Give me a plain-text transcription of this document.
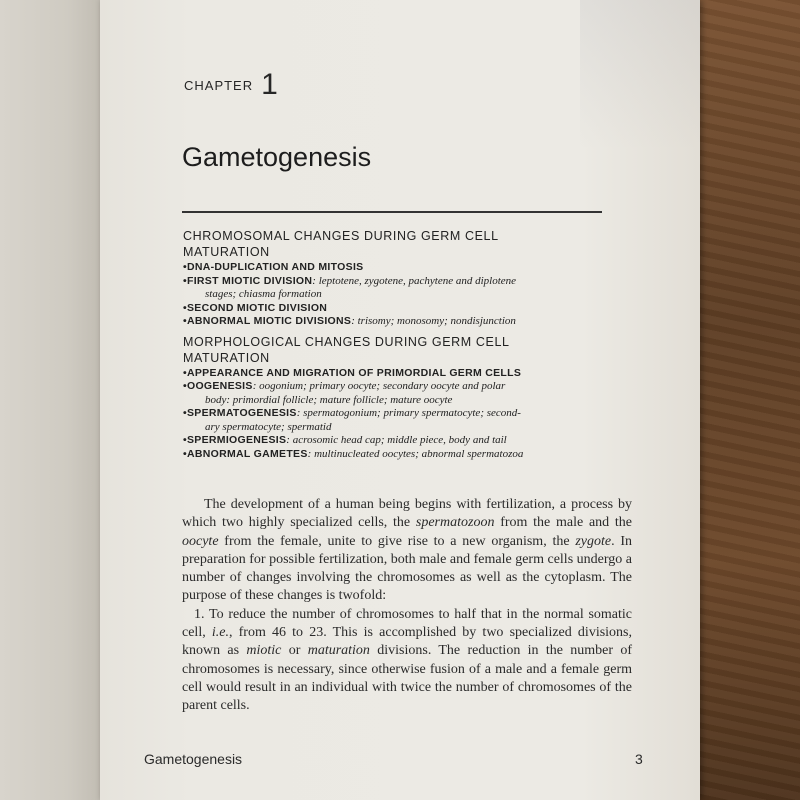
CHAPTER 1
Gametogenesis
CHROMOSOMAL CHANGES DURING GERM CELL
MATURATION
•DNA-DUPLICATION AND MITOSIS
•FIRST MIOTIC DIVISION: leptotene, zygotene, pachytene and diplotene
stages; chiasma formation
•SECOND MIOTIC DIVISION
•ABNORMAL MIOTIC DIVISIONS: trisomy; monosomy; nondisjunction
MORPHOLOGICAL CHANGES DURING GERM CELL
MATURATION
•APPEARANCE AND MIGRATION OF PRIMORDIAL GERM CELLS
•OOGENESIS: oogonium; primary oocyte; secondary oocyte and polar
body: primordial follicle; mature follicle; mature oocyte
•SPERMATOGENESIS: spermatogonium; primary spermatocyte; second-
ary spermatocyte; spermatid
•SPERMIOGENESIS: acrosomic head cap; middle piece, body and tail
•ABNORMAL GAMETES: multinucleated oocytes; abnormal spermatozoa

The development of a human being begins with fertilization, a process by which two highly specialized cells, the spermatozoon from the male and the oocyte from the female, unite to give rise to a new organism, the zygote. In preparation for possible fertilization, both male and female germ cells undergo a number of changes involving the chromosomes as well as the cytoplasm. The purpose of these changes is twofold:

1. To reduce the number of chromosomes to half that in the normal somatic cell, i.e., from 46 to 23. This is accomplished by two specialized divisions, known as miotic or maturation divisions. The reduction in the number of chromosomes is necessary, since otherwise fusion of a male and a female germ cell would result in an individual with twice the number of chromosomes of the parent cells.

Gametogenesis	3
